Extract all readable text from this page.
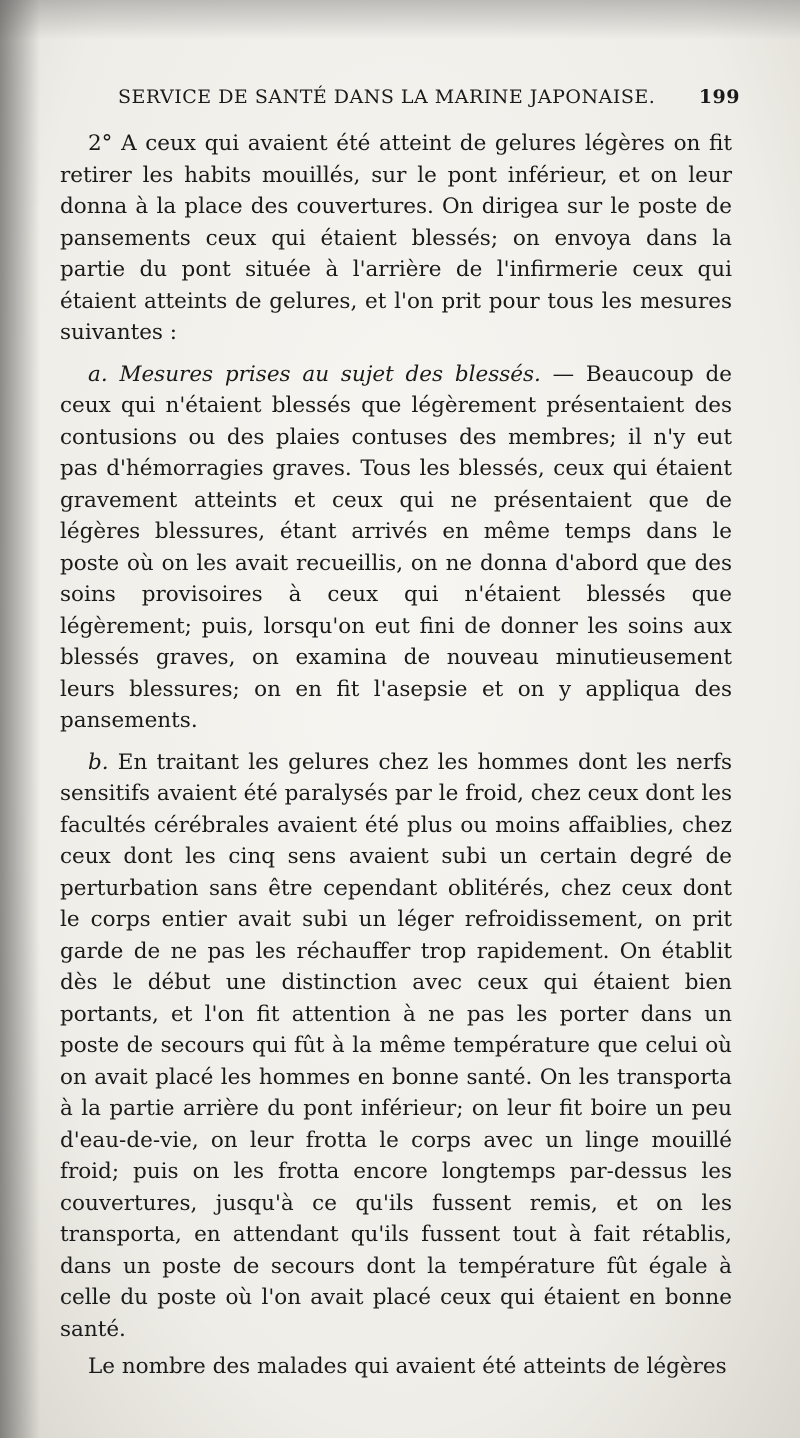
SERVICE DE SANTÉ DANS LA MARINE JAPONAISE. 199

2° A ceux qui avaient été atteint de gelures légères on fit retirer les habits mouillés, sur le pont inférieur, et on leur donna à la place des couvertures. On dirigea sur le poste de pansements ceux qui étaient blessés; on envoya dans la partie du pont située à l'arrière de l'infirmerie ceux qui étaient atteints de gelures, et l'on prit pour tous les mesures suivantes :

a. Mesures prises au sujet des blessés. — Beaucoup de ceux qui n'étaient blessés que légèrement présentaient des contusions ou des plaies contuses des membres; il n'y eut pas d'hémorragies graves. Tous les blessés, ceux qui étaient gravement atteints et ceux qui ne présentaient que de légères blessures, étant arrivés en même temps dans le poste où on les avait recueillis, on ne donna d'abord que des soins provisoires à ceux qui n'étaient blessés que légèrement; puis, lorsqu'on eut fini de donner les soins aux blessés graves, on examina de nouveau minutieusement leurs blessures; on en fit l'asepsie et on y appliqua des pansements.

b. En traitant les gelures chez les hommes dont les nerfs sensitifs avaient été paralysés par le froid, chez ceux dont les facultés cérébrales avaient été plus ou moins affaiblies, chez ceux dont les cinq sens avaient subi un certain degré de perturbation sans être cependant oblitérés, chez ceux dont le corps entier avait subi un léger refroidissement, on prit garde de ne pas les réchauffer trop rapidement. On établit dès le début une distinction avec ceux qui étaient bien portants, et l'on fit attention à ne pas les porter dans un poste de secours qui fût à la même température que celui où on avait placé les hommes en bonne santé. On les transporta à la partie arrière du pont inférieur; on leur fit boire un peu d'eau-de-vie, on leur frotta le corps avec un linge mouillé froid; puis on les frotta encore longtemps par-dessus les couvertures, jusqu'à ce qu'ils fussent remis, et on les transporta, en attendant qu'ils fussent tout à fait rétablis, dans un poste de secours dont la température fût égale à celle du poste où l'on avait placé ceux qui étaient en bonne santé.

Le nombre des malades qui avaient été atteints de légères
